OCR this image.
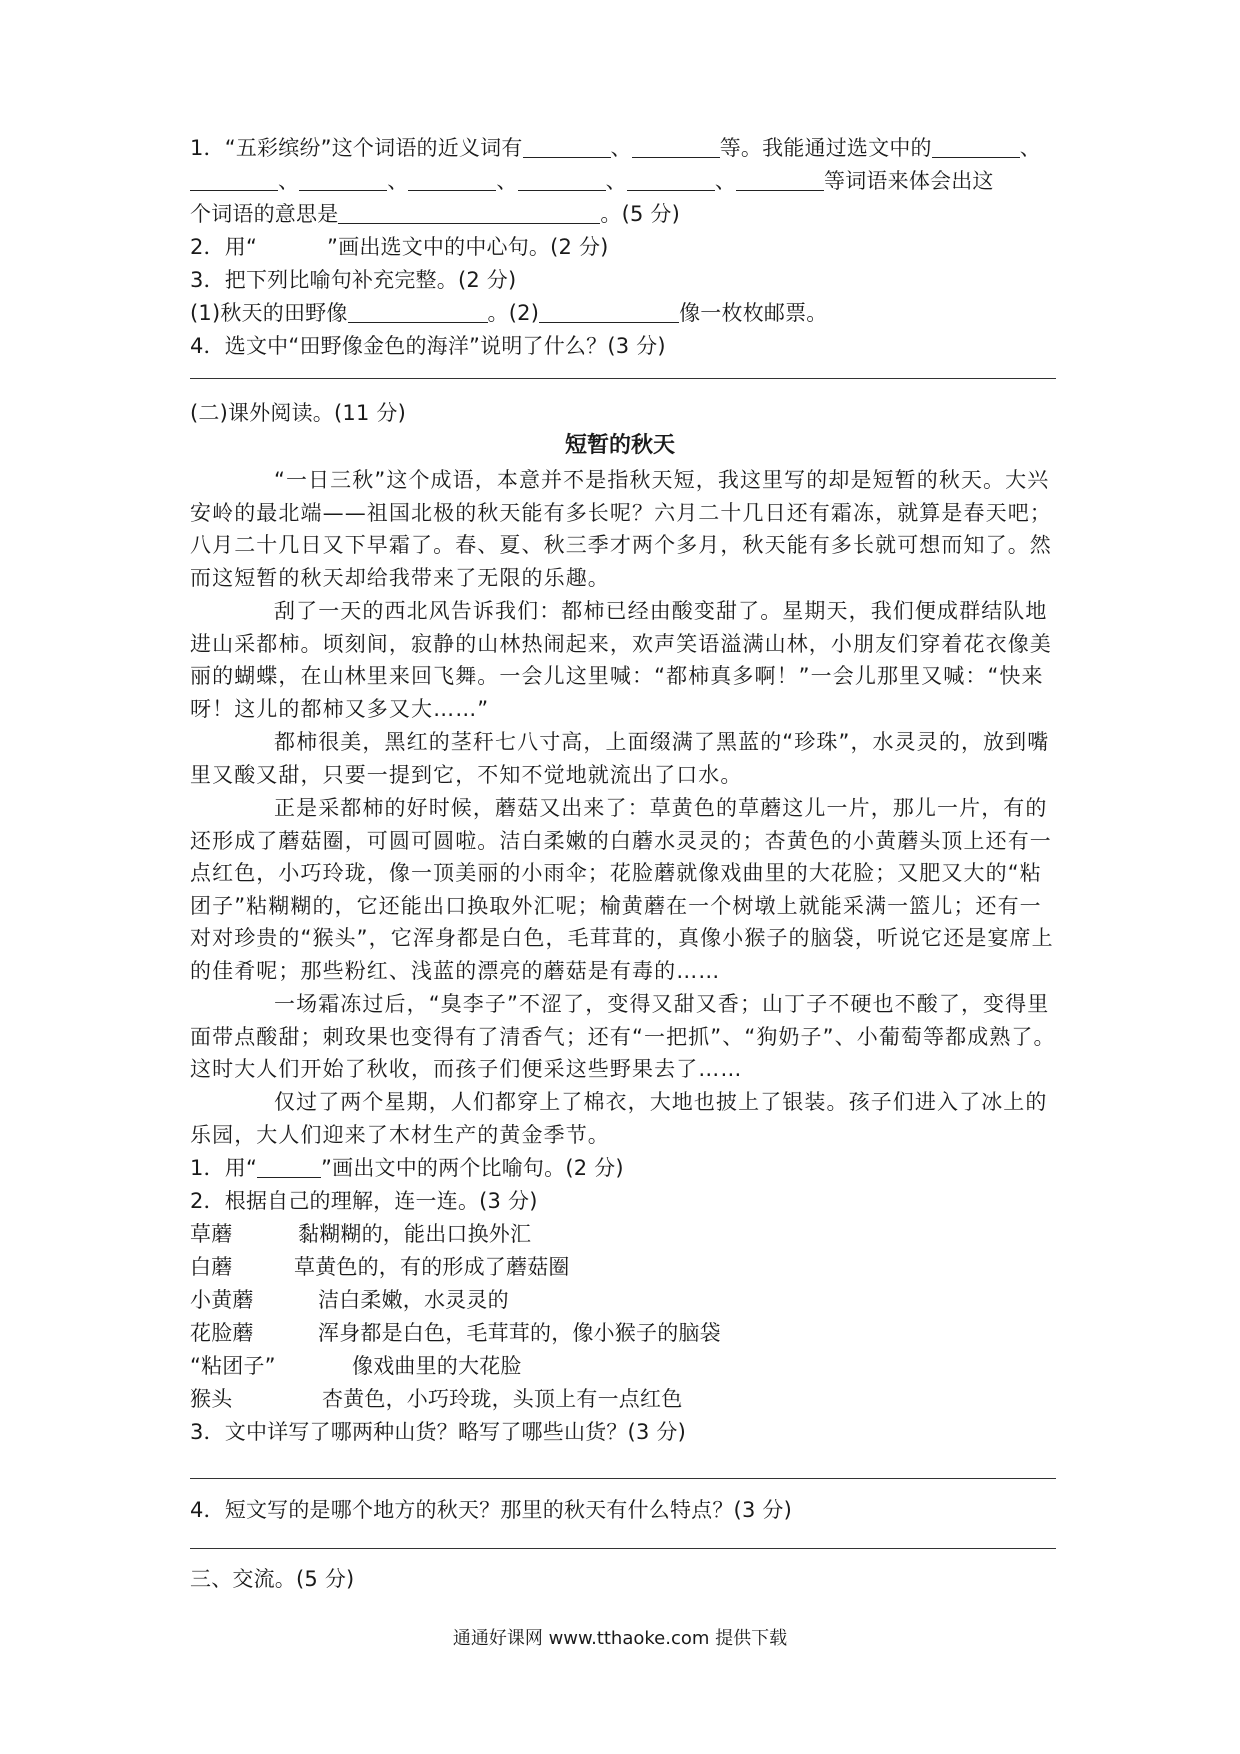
1．“五彩缤纷”这个词语的近义词有	、	等。我能通过选文中的	、
、	、	、	、	、	等词语来体会出这
个词语的意思是	。(5 分)
2．用“	”画出选文中的中心句。(2 分)
3．把下列比喻句补充完整。(2 分)
(1)秋天的田野像	。(2)	像一枚枚邮票。
4．选文中“田野像金色的海洋”说明了什么？(3 分)
(二)课外阅读。(11 分)
短暂的秋天
“一日三秋”这个成语，本意并不是指秋天短，我这里写的却是短暂的秋天。大兴安岭的最北端——祖国北极的秋天能有多长呢？六月二十几日还有霜冻，就算是春天吧；八月二十几日又下早霜了。春、夏、秋三季才两个多月，秋天能有多长就可想而知了。然而这短暂的秋天却给我带来了无限的乐趣。
刮了一天的西北风告诉我们：都柿已经由酸变甜了。星期天，我们便成群结队地进山采都柿。顷刻间，寂静的山林热闹起来，欢声笑语溢满山林，小朋友们穿着花衣像美丽的蝴蝶，在山林里来回飞舞。一会儿这里喊：“都柿真多啊！”一会儿那里又喊：“快来呀！这儿的都柿又多又大……”
都柿很美，黑红的茎秆七八寸高，上面缀满了黑蓝的“珍珠”，水灵灵的，放到嘴里又酸又甜，只要一提到它，不知不觉地就流出了口水。
正是采都柿的好时候，蘑菇又出来了：草黄色的草蘑这儿一片，那儿一片，有的还形成了蘑菇圈，可圆可圆啦。洁白柔嫩的白蘑水灵灵的；杏黄色的小黄蘑头顶上还有一点红色，小巧玲珑，像一顶美丽的小雨伞；花脸蘑就像戏曲里的大花脸；又肥又大的“粘团子”粘糊糊的，它还能出口换取外汇呢；榆黄蘑在一个树墩上就能采满一篮儿；还有一对对珍贵的“猴头”，它浑身都是白色，毛茸茸的，真像小猴子的脑袋，听说它还是宴席上的佳肴呢；那些粉红、浅蓝的漂亮的蘑菇是有毒的……
一场霜冻过后，“臭李子”不涩了，变得又甜又香；山丁子不硬也不酸了，变得里面带点酸甜；刺玫果也变得有了清香气；还有“一把抓”、“狗奶子”、小葡萄等都成熟了。这时大人们开始了秋收，而孩子们便采这些野果去了……
仅过了两个星期，人们都穿上了棉衣，大地也披上了银装。孩子们进入了冰上的乐园，大人们迎来了木材生产的黄金季节。
1．用“	”画出文中的两个比喻句。(2 分)
2．根据自己的理解，连一连。(3 分)
草蘑	黏糊糊的，能出口换外汇
白蘑	草黄色的，有的形成了蘑菇圈
小黄蘑	洁白柔嫩，水灵灵的
花脸蘑	浑身都是白色，毛茸茸的，像小猴子的脑袋
“粘团子”	像戏曲里的大花脸
猴头	杏黄色，小巧玲珑，头顶上有一点红色
3．文中详写了哪两种山货？略写了哪些山货？(3 分)
4．短文写的是哪个地方的秋天？那里的秋天有什么特点？(3 分)
三、交流。(5 分)
通通好课网 www.tthaoke.com 提供下载
